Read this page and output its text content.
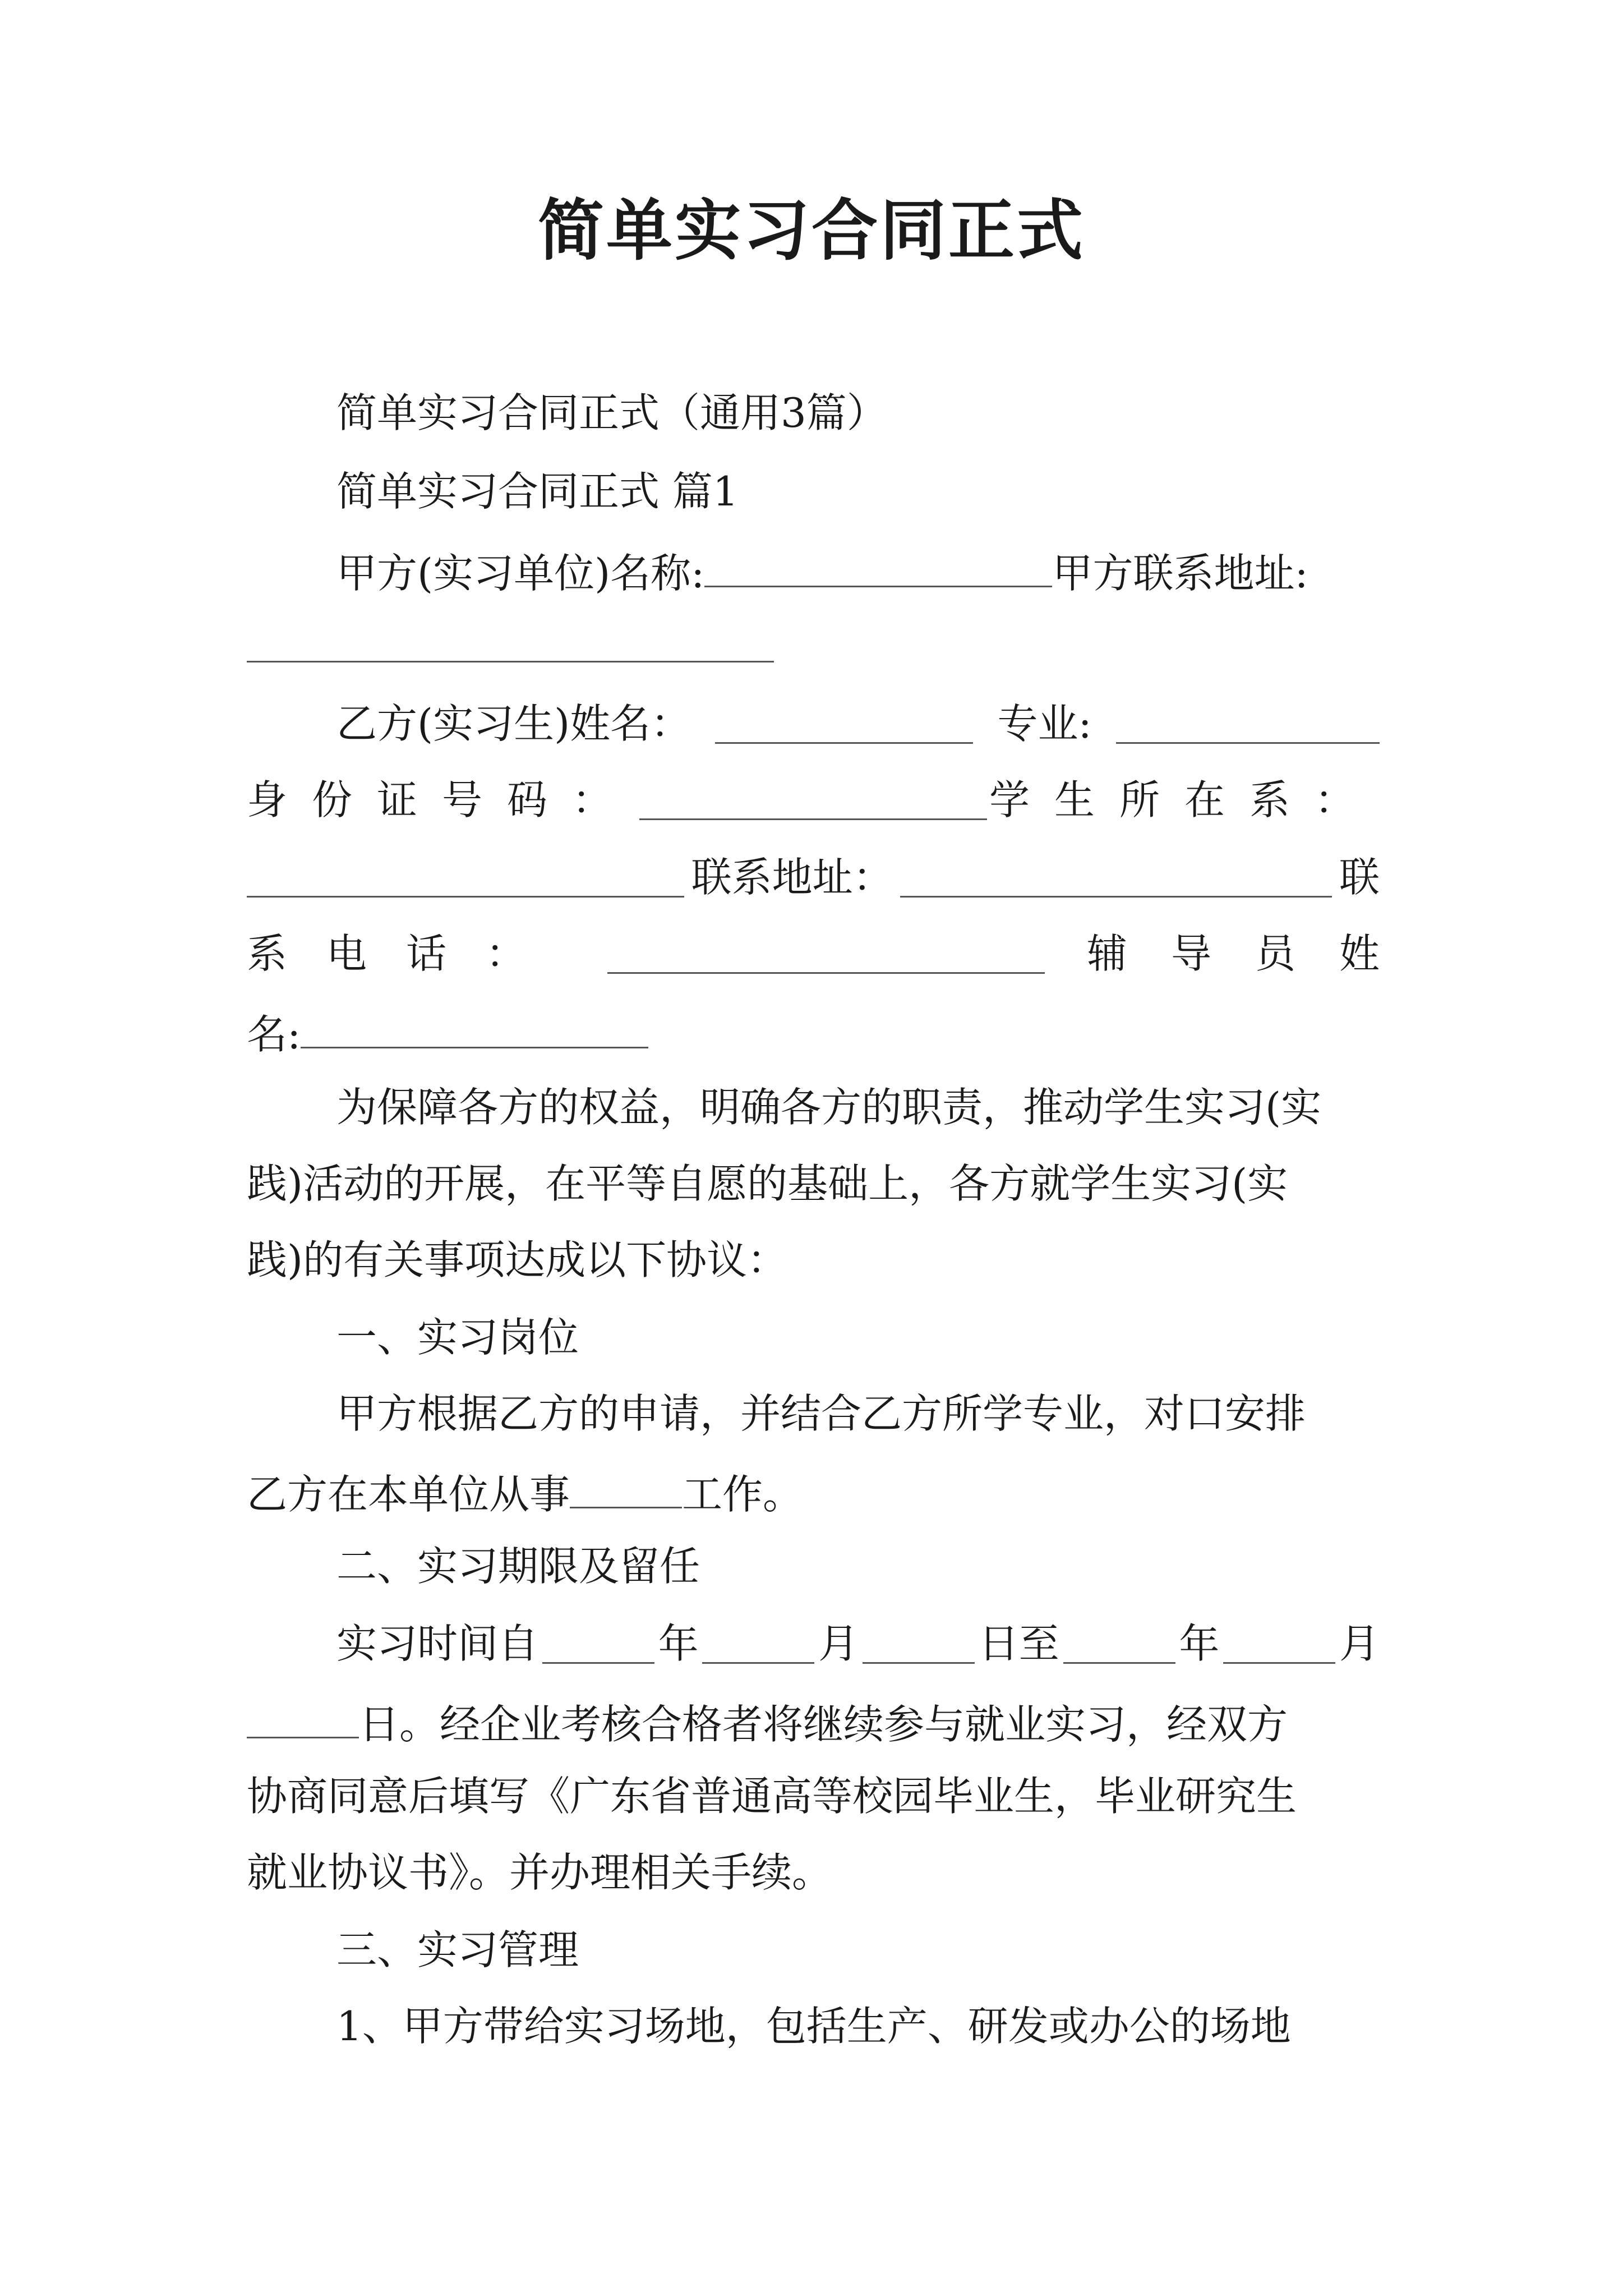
简单实习合同正式
简单实习合同正式（通用3篇）
简单实习合同正式 篇1
甲方(实习单位)名称:	甲方联系地址:
乙方(实习生)姓名：	专业:
身份证号码：	学生所在系：
联系地址：	联
系电话：	辅导员姓
名:
为保障各方的权益，明确各方的职责，推动学生实习(实
践)活动的开展，在平等自愿的基础上，各方就学生实习(实
践)的有关事项达成以下协议：
一、实习岗位
甲方根据乙方的申请，并结合乙方所学专业，对口安排
乙方在本单位从事	工作。
二、实习期限及留任
实习时间自	年	月	日至	年	月
日。经企业考核合格者将继续参与就业实习，经双方
协商同意后填写《广东省普通高等校园毕业生，毕业研究生
就业协议书》。并办理相关手续。
三、实习管理
1、甲方带给实习场地，包括生产、研发或办公的场地
